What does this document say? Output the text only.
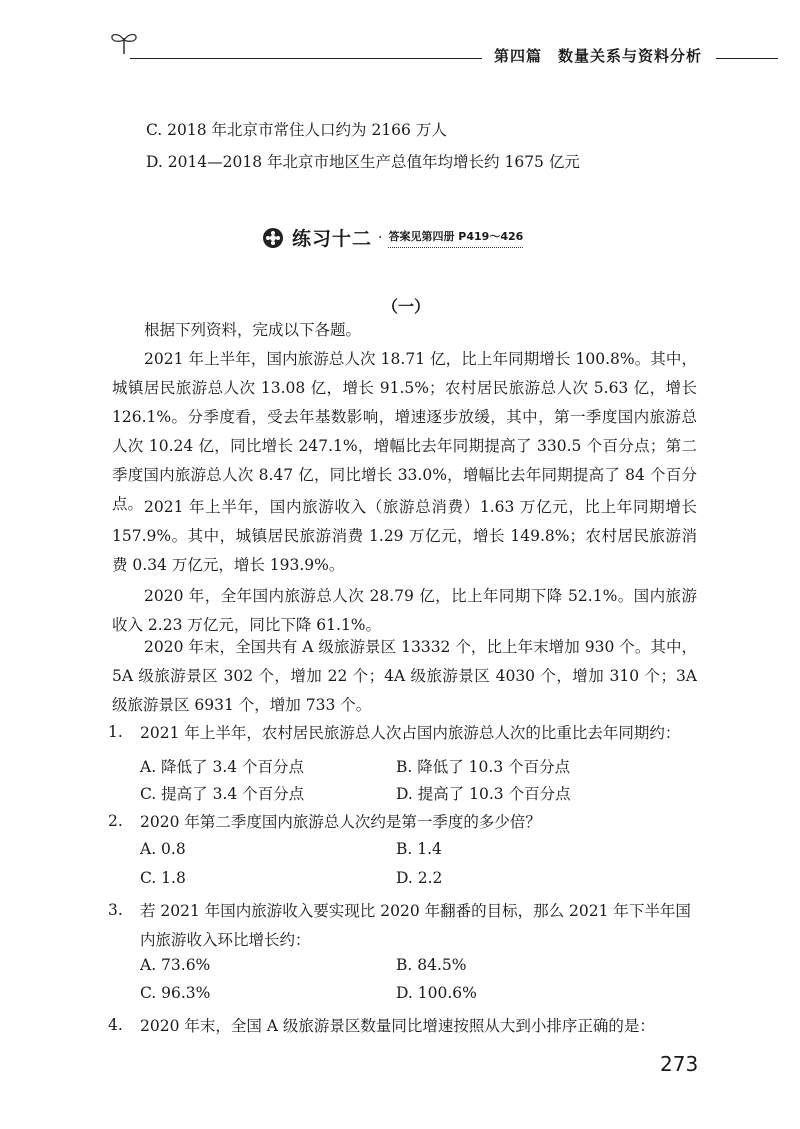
第四篇　数量关系与资料分析
C. 2018 年北京市常住人口约为 2166 万人
D. 2014—2018 年北京市地区生产总值年均增长约 1675 亿元
练习十二 · 答案见第四册 P419～426
（一）
根据下列资料，完成以下各题。
2021 年上半年，国内旅游总人次 18.71 亿，比上年同期增长 100.8%。其中，城镇居民旅游总人次 13.08 亿，增长 91.5%；农村居民旅游总人次 5.63 亿，增长 126.1%。分季度看，受去年基数影响，增速逐步放缓，其中，第一季度国内旅游总人次 10.24 亿，同比增长 247.1%，增幅比去年同期提高了 330.5 个百分点；第二季度国内旅游总人次 8.47 亿，同比增长 33.0%，增幅比去年同期提高了 84 个百分点。 2021 年上半年，国内旅游收入（旅游总消费）1.63 万亿元，比上年同期增长 157.9%。其中，城镇居民旅游消费 1.29 万亿元，增长 149.8%；农村居民旅游消费 0.34 万亿元，增长 193.9%。
2020 年，全年国内旅游总人次 28.79 亿，比上年同期下降 52.1%。国内旅游收入 2.23 万亿元，同比下降 61.1%。
2020 年末，全国共有 A 级旅游景区 13332 个，比上年末增加 930 个。其中，5A 级旅游景区 302 个，增加 22 个；4A 级旅游景区 4030 个，增加 310 个；3A 级旅游景区 6931 个，增加 733 个。
1. 2021 年上半年，农村居民旅游总人次占国内旅游总人次的比重比去年同期约：
A. 降低了 3.4 个百分点	B. 降低了 10.3 个百分点
C. 提高了 3.4 个百分点	D. 提高了 10.3 个百分点
2. 2020 年第二季度国内旅游总人次约是第一季度的多少倍？
A. 0.8	B. 1.4
C. 1.8	D. 2.2
3. 若 2021 年国内旅游收入要实现比 2020 年翻番的目标，那么 2021 年下半年国内旅游收入环比增长约：
A. 73.6%	B. 84.5%
C. 96.3%	D. 100.6%
4. 2020 年末，全国 A 级旅游景区数量同比增速按照从大到小排序正确的是：
273
